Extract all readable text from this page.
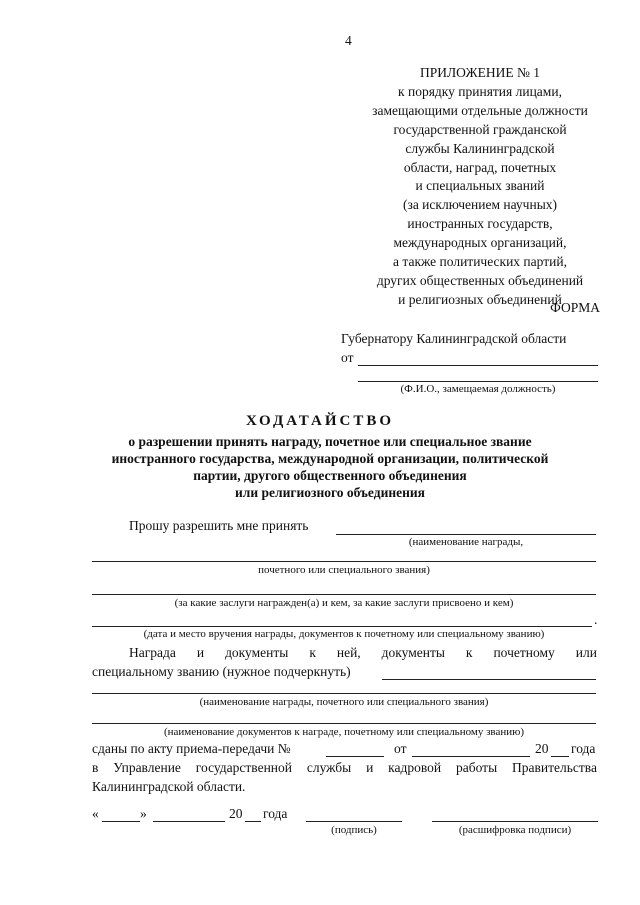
4
ПРИЛОЖЕНИЕ № 1
к порядку принятия лицами,
замещающими отдельные должности
государственной гражданской
службы Калининградской
области, наград, почетных
и специальных званий
(за исключением научных)
иностранных государств,
международных организаций,
а также политических партий,
других общественных объединений
и религиозных объединений
ФОРМА
Губернатору Калининградской области
от
(Ф.И.О., замещаемая должность)
ХОДАТАЙСТВО
о разрешении принять награду, почетное или специальное звание
иностранного государства, международной организации, политической
партии, другого общественного объединения
или религиозного объединения
Прошу разрешить мне принять
(наименование награды,
почетного или специального звания)
(за какие заслуги награжден(а) и кем, за какие заслуги присвоено и кем)
.
(дата и место вручения награды, документов к почетному или специальному званию)
Награда и документы к ней, документы к почетному или
специальному званию (нужное подчеркнуть)
(наименование награды, почетного или специального звания)
(наименование документов к награде, почетному или специальному званию)
сданы по акту приема-передачи №	от	20 года
в Управление государственной службы и кадровой работы Правительства
Калининградской области.
«	»	20 года
(подпись)	(расшифровка подписи)
